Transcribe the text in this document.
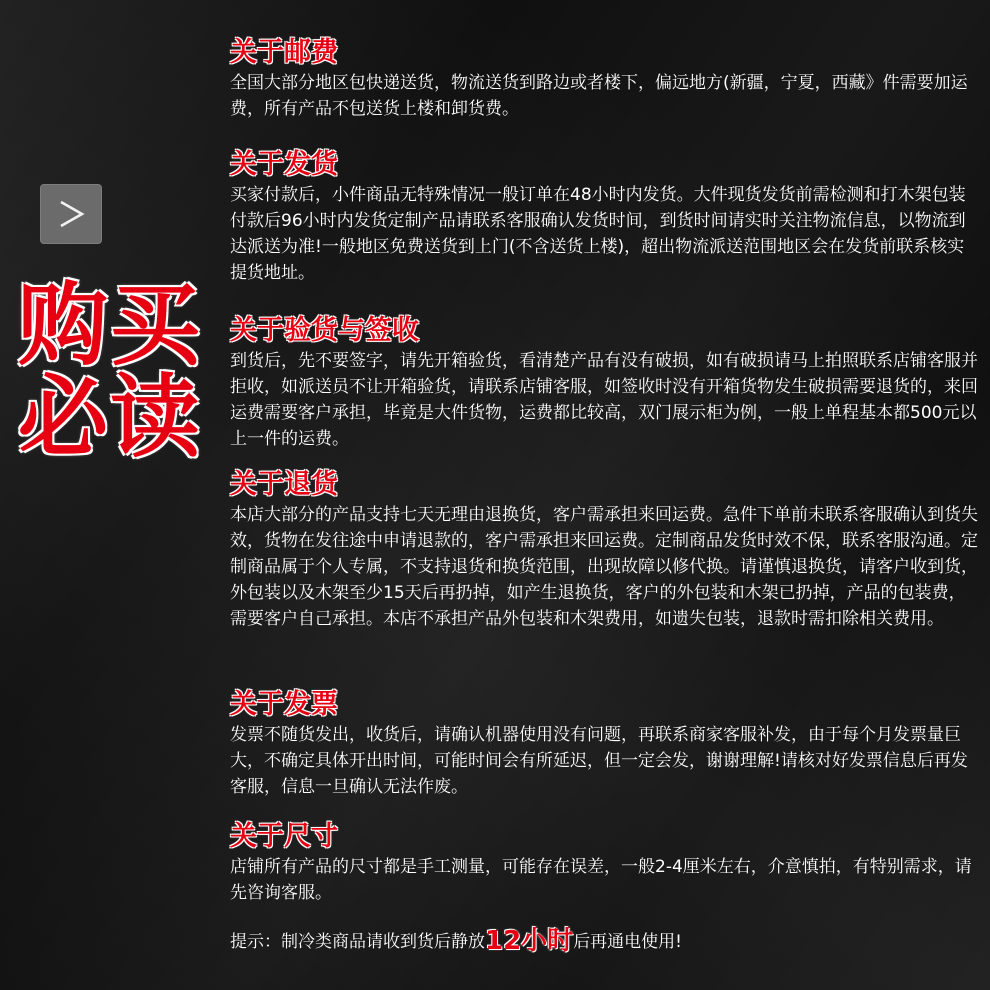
购买
必读
关于邮费

全国大部分地区包快递送货，物流送货到路边或者楼下，偏远地方(新疆，宁夏，西藏》件需要加运费，所有产品不包送货上楼和卸货费。

关于发货

买家付款后，小件商品无特殊情况一般订单在48小时内发货。大件现货发货前需检测和打木架包装付款后96小时内发货定制产品请联系客服确认发货时间，到货时间请实时关注物流信息，以物流到达派送为准!一般地区免费送货到上门(不含送货上楼)，超出物流派送范围地区会在发货前联系核实提货地址。

关于验货与签收

到货后，先不要签字，请先开箱验货，看清楚产品有没有破损，如有破损请马上拍照联系店铺客服并拒收，如派送员不让开箱验货，请联系店铺客服，如签收时没有开箱货物发生破损需要退货的，来回运费需要客户承担，毕竟是大件货物，运费都比较高，双门展示柜为例，一般上单程基本都500元以上一件的运费。

关于退货

本店大部分的产品支持七天无理由退换货，客户需承担来回运费。急件下单前未联系客服确认到货失效，货物在发往途中申请退款的，客户需承担来回运费。定制商品发货时效不保，联系客服沟通。定制商品属于个人专属，不支持退货和换货范围，出现故障以修代换。请谨慎退换货，请客户收到货，外包装以及木架至少15天后再扔掉，如产生退换货，客户的外包装和木架已扔掉，产品的包装费，需要客户自己承担。本店不承担产品外包装和木架费用，如遗失包装，退款时需扣除相关费用。

关于发票

发票不随货发出，收货后，请确认机器使用没有问题，再联系商家客服补发，由于每个月发票量巨大，不确定具体开出时间，可能时间会有所延迟，但一定会发，谢谢理解!请核对好发票信息后再发客服，信息一旦确认无法作废。

关于尺寸

店铺所有产品的尺寸都是手工测量，可能存在误差，一般2-4厘米左右，介意慎拍，有特别需求，请先咨询客服。

提示：制冷类商品请收到货后静放12小时后再通电使用!
